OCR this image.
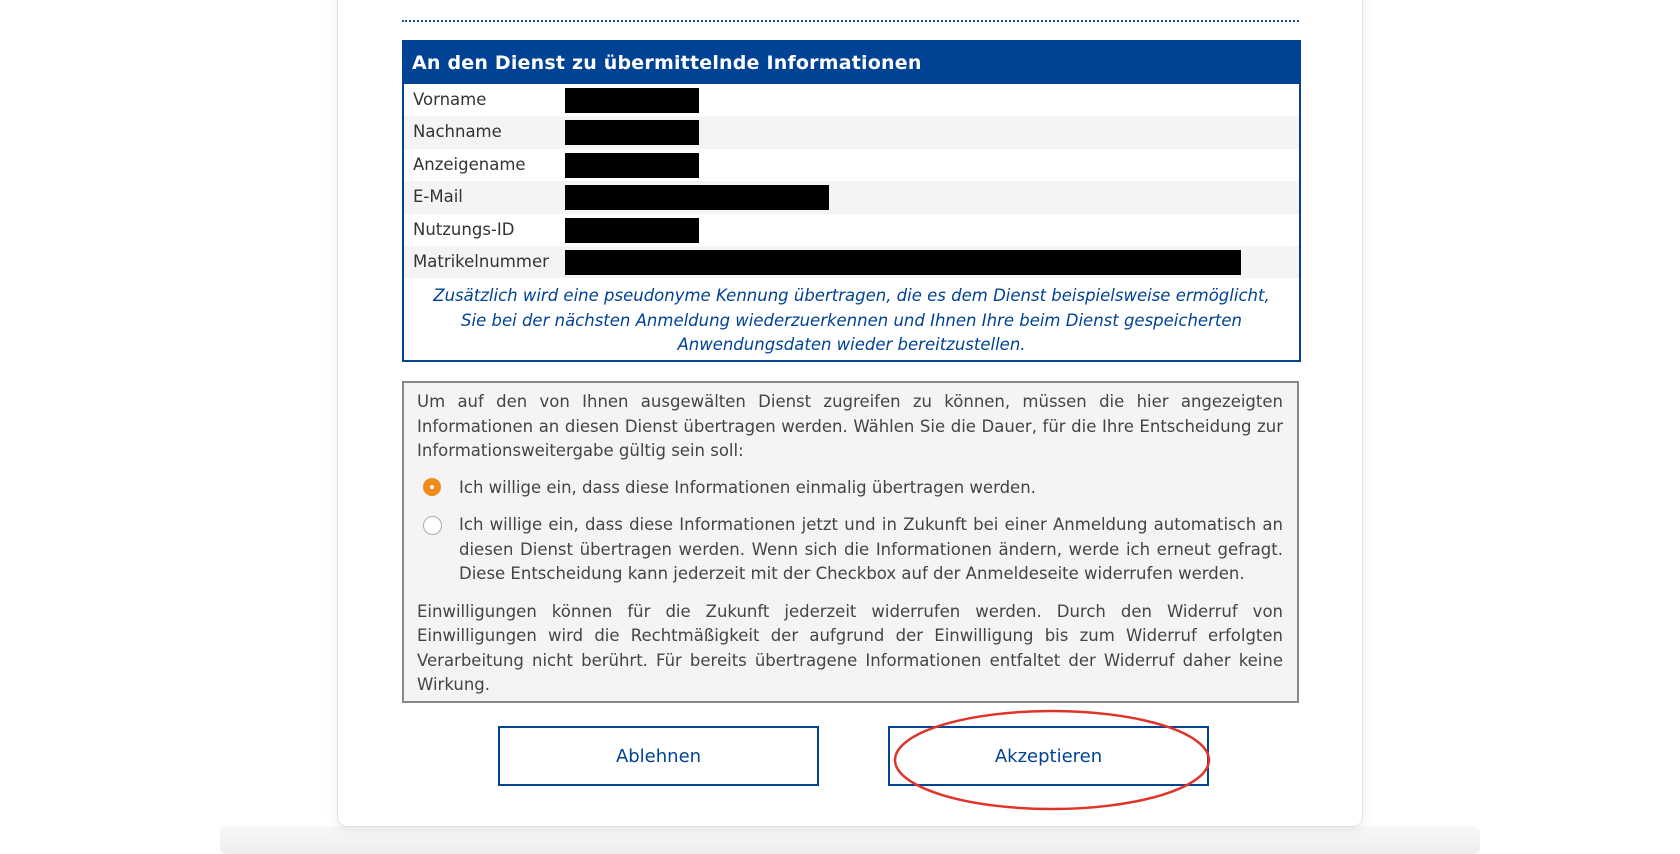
An den Dienst zu übermittelnde Informationen
Vorname
Nachname
Anzeigename
E-Mail
Nutzungs-ID
Matrikelnummer
Zusätzlich wird eine pseudonyme Kennung übertragen, die es dem Dienst beispielsweise ermöglicht, Sie bei der nächsten Anmeldung wiederzuerkennen und Ihnen Ihre beim Dienst gespeicherten Anwendungsdaten wieder bereitzustellen.

Um auf den von Ihnen ausgewälten Dienst zugreifen zu können, müssen die hier angezeigten Informationen an diesen Dienst übertragen werden. Wählen Sie die Dauer, für die Ihre Entscheidung zur Informationsweitergabe gültig sein soll:

Ich willige ein, dass diese Informationen einmalig übertragen werden.
Ich willige ein, dass diese Informationen jetzt und in Zukunft bei einer Anmeldung automatisch an diesen Dienst übertragen werden. Wenn sich die Informationen ändern, werde ich erneut gefragt. Diese Entscheidung kann jederzeit mit der Checkbox auf der Anmeldeseite widerrufen werden.

Einwilligungen können für die Zukunft jederzeit widerrufen werden. Durch den Widerruf von Einwilligungen wird die Rechtmäßigkeit der aufgrund der Einwilligung bis zum Widerruf erfolgten Verarbeitung nicht berührt. Für bereits übertragene Informationen entfaltet der Widerruf daher keine Wirkung.

Ablehnen	Akzeptieren
